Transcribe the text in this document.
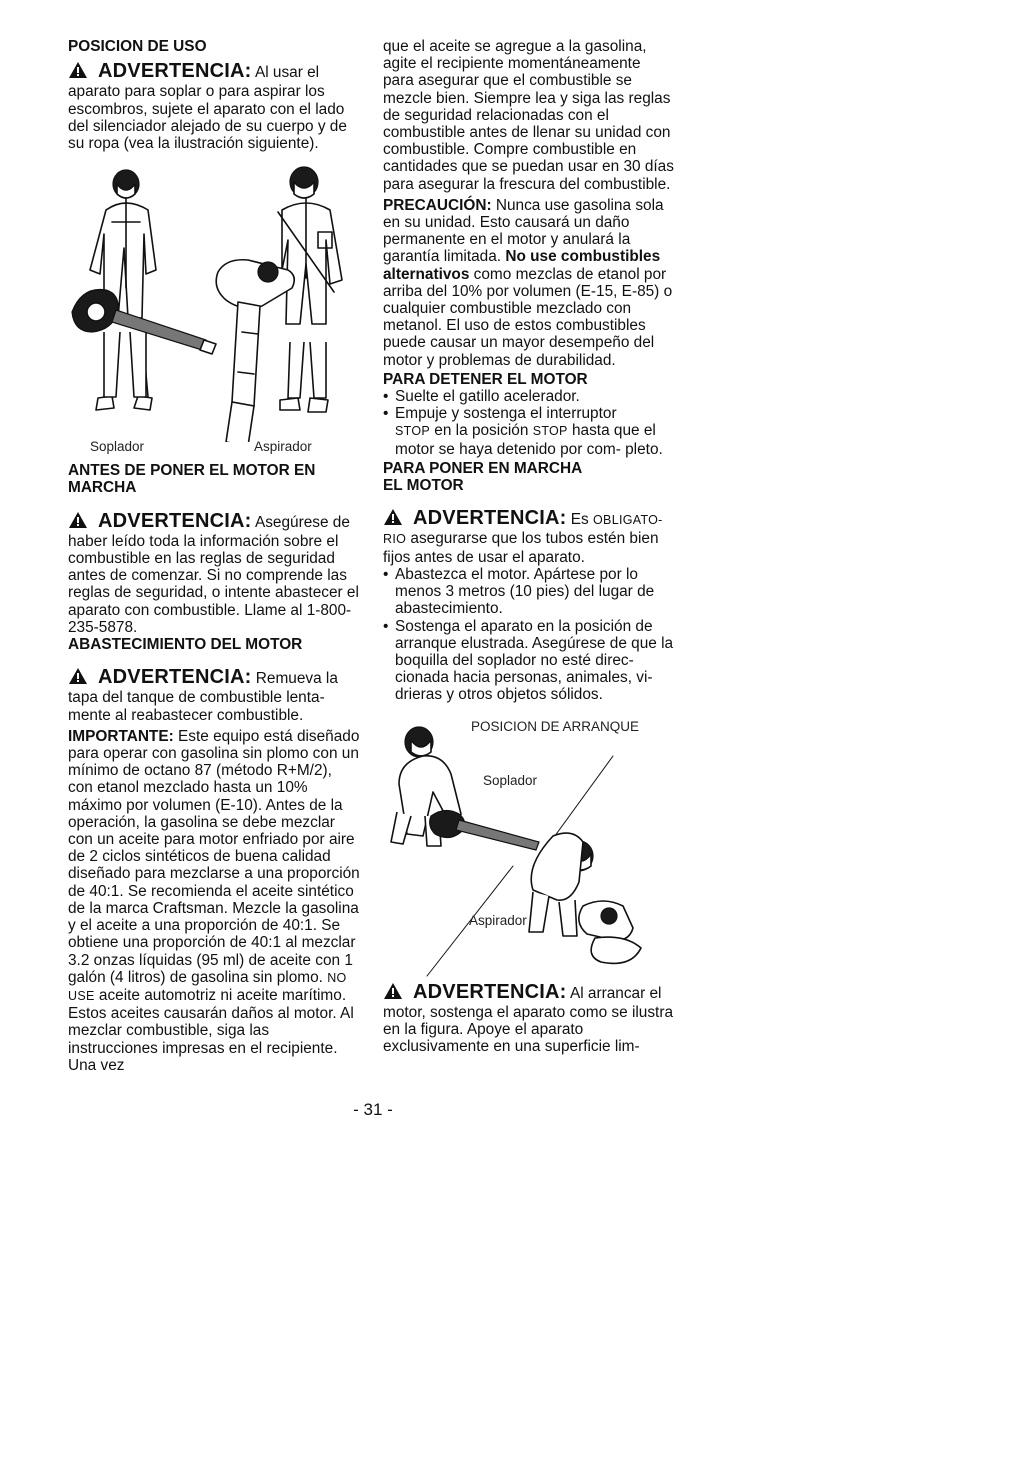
POSICION DE USO

ADVERTENCIA: Al usar el
aparato para soplar o para aspirar los escombros, sujete el aparato con el lado del silenciador alejado de su cuerpo y de su ropa (vea la ilustración siguiente).

Soplador	Aspirador

ANTES DE PONER EL MOTOR EN MARCHA

ADVERTENCIA: Asegúrese de
haber leído toda la información sobre el combustible en las reglas de seguridad antes de comenzar. Si no comprende las reglas de seguridad, o intente abastecer el aparato con combustible. Llame al 1-800-235-5878.

ABASTECIMIENTO DEL MOTOR

ADVERTENCIA: Remueva la
tapa del tanque de combustible lenta- mente al reabastecer combustible.

IMPORTANTE: Este equipo está diseñado para operar con gasolina sin plomo con un mínimo de octano 87 (método R+M/2), con etanol mezclado hasta un 10% máximo por volumen (E-10). Antes de la operación, la gasolina se debe mezclar con un aceite para motor enfriado por aire de 2 ciclos sintéticos de buena calidad diseñado para mezclarse a una proporción de 40:1. Se recomienda el aceite sintético de la marca Craftsman. Mezcle la gasolina y el aceite a una proporción de 40:1. Se obtiene una proporción de 40:1 al mezclar 3.2 onzas líquidas (95 ml) de aceite con 1 galón (4 litros) de gasolina sin plomo. NO USE aceite automotriz ni aceite marítimo. Estos aceites causarán daños al motor. Al mezclar combustible, siga las instrucciones impresas en el recipiente. Una vez

que el aceite se agregue a la gasolina, agite el recipiente momentáneamente para asegurar que el combustible se mezcle bien. Siempre lea y siga las reglas de seguridad relacionadas con el combustible antes de llenar su unidad con combustible. Compre combustible en cantidades que se puedan usar en 30 días para asegurar la frescura del combustible.

PRECAUCIÓN: Nunca use gasolina sola en su unidad. Esto causará un daño permanente en el motor y anulará la garantía limitada. No use combustibles alternativos como mezclas de etanol por arriba del 10% por volumen (E-15, E-85) o cualquier combustible mezclado con metanol. El uso de estos combustibles puede causar un mayor desempeño del motor y problemas de durabilidad.

PARA DETENER EL MOTOR

• Suelte el gatillo acelerador.
• Empuje y sostenga el interruptor
STOP en la posición STOP hasta que el motor se haya detenido por com- pleto.

PARA PONER EN MARCHA
EL MOTOR

ADVERTENCIA: Es OBLIGATO- RIO asegurarse que los tubos estén bien fijos antes de usar el aparato.

• Abastezca el motor. Apártese por lo menos 3 metros (10 pies) del lugar de abastecimiento.
• Sostenga el aparato en la posición de arranque elustrada. Asegúrese de que la boquilla del soplador no esté direc- cionada hacia personas, animales, vi- drieras y otros objetos sólidos.
POSICION DE ARRANQUE
Soplador
Aspirador

ADVERTENCIA: Al arrancar el
motor, sostenga el aparato como se ilustra en la figura. Apoye el aparato exclusivamente en una superficie lim-

- 31 -
